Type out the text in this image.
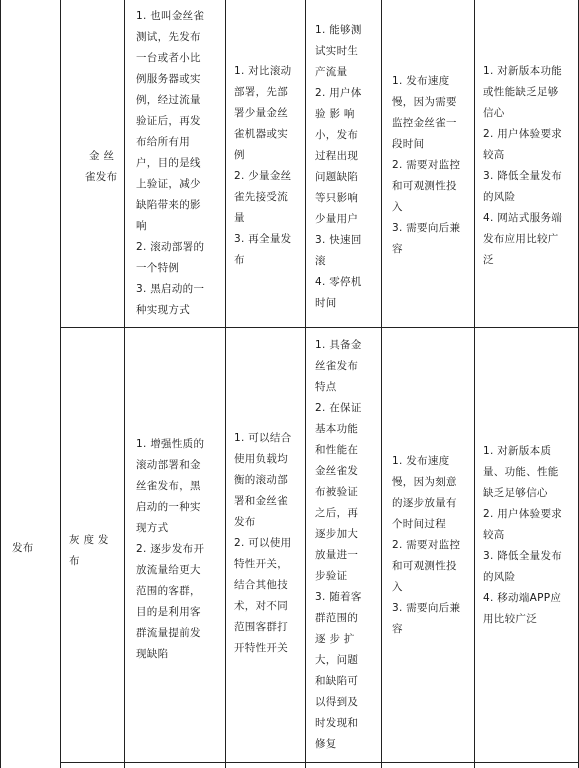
发布
金 丝
雀发布
1. 也叫金丝雀
测试，先发布
一台或者小比
例服务器或实
例，经过流量
验证后，再发
布给所有用
户，目的是线
上验证，减少
缺陷带来的影
响
2. 滚动部署的
一个特例
3. 黑启动的一
种实现方式
1. 对比滚动
部署，先部
署少量金丝
雀机器或实
例
2. 少量金丝
雀先接受流
量
3. 再全量发
布
1. 能够测
试实时生
产流量
2. 用户体
验 影 响
小，发布
过程出现
问题缺陷
等只影响
少量用户
3. 快速回
滚
4. 零停机
时间
1. 发布速度
慢，因为需要
监控金丝雀一
段时间
2. 需要对监控
和可观测性投
入
3. 需要向后兼
容
1. 对新版本功能
或性能缺乏足够
信心
2. 用户体验要求
较高
3. 降低全量发布
的风险
4. 网站式服务端
发布应用比较广
泛
灰 度 发
布
1. 增强性质的
滚动部署和金
丝雀发布，黑
启动的一种实
现方式
2. 逐步发布开
放流量给更大
范围的客群，
目的是利用客
群流量提前发
现缺陷
1. 可以结合
使用负载均
衡的滚动部
署和金丝雀
发布
2. 可以使用
特性开关，
结合其他技
术，对不同
范围客群打
开特性开关
1. 具备金
丝雀发布
特点
2. 在保证
基本功能
和性能在
金丝雀发
布被验证
之后，再
逐步加大
放量进一
步验证
3. 随着客
群范围的
逐 步 扩
大，问题
和缺陷可
以得到及
时发现和
修复
1. 发布速度
慢，因为刻意
的逐步放量有
个时间过程
2. 需要对监控
和可观测性投
入
3. 需要向后兼
容
1. 对新版本质
量、功能、性能
缺乏足够信心
2. 用户体验要求
较高
3. 降低全量发布
的风险
4. 移动端APP应
用比较广泛
